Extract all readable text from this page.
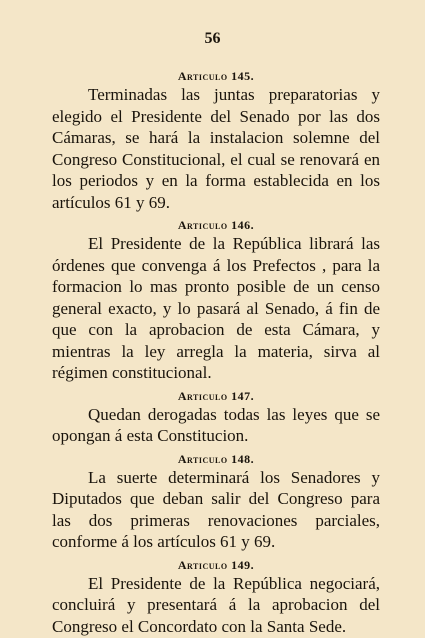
56
Articulo 145.

Terminadas las juntas preparatorias y elegido el Presidente del Senado por las dos Cámaras, se hará la instalacion solemne del Congreso Constitucional, el cual se renovará en los periodos y en la forma establecida en los artículos 61 y 69.

Articulo 146.

El Presidente de la República librará las órdenes que convenga á los Prefectos , para la formacion lo mas pronto posible de un censo general exacto, y lo pasará al Senado, á fin de que con la aprobacion de esta Cámara, y mientras la ley arregla la materia, sirva al régimen constitucional.

Articulo 147.

Quedan derogadas todas las leyes que se opongan á esta Constitucion.

Articulo 148.

La suerte determinará los Senadores y Diputados que deban salir del Congreso para las dos primeras renovaciones parciales, conforme á los artículos 61 y 69.

Articulo 149.

El Presidente de la República negociará, concluirá y presentará á la aprobacion del Congreso el Concordato con la Santa Sede.
